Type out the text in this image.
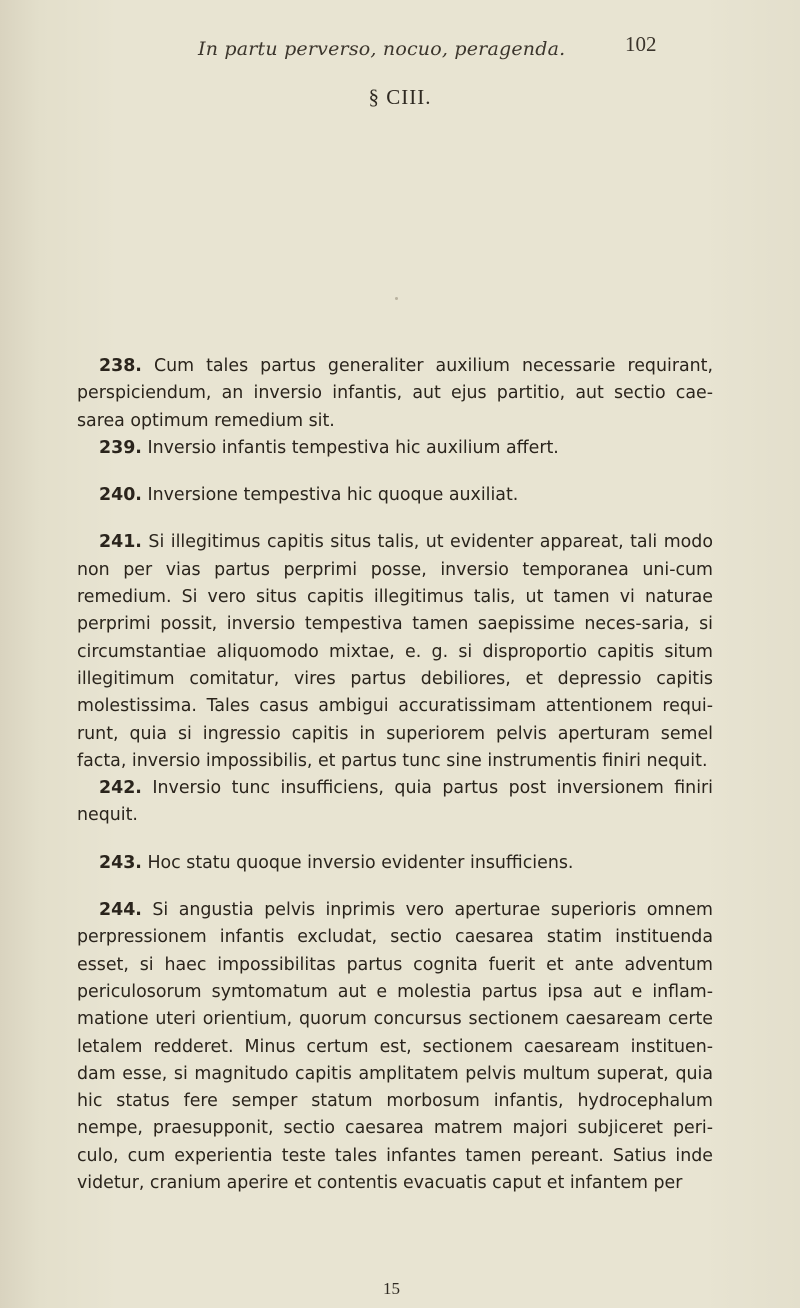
In partu perverso, nocuo, peragenda.	102
§ CIII.

238. Cum tales partus generaliter auxilium necessarie requirant, perspiciendum, an inversio infantis, aut ejus partitio, aut sectio cae-sarea optimum remedium sit.

239. Inversio infantis tempestiva hic auxilium affert.

240. Inversione tempestiva hic quoque auxiliat.

241. Si illegitimus capitis situs talis, ut evidenter appareat, tali modo non per vias partus perprimi posse, inversio temporanea uni-cum remedium. Si vero situs capitis illegitimus talis, ut tamen vi naturae perprimi possit, inversio tempestiva tamen saepissime neces-saria, si circumstantiae aliquomodo mixtae, e. g. si disproportio capitis situm illegitimum comitatur, vires partus debiliores, et depressio capitis molestissima. Tales casus ambigui accuratissimam attentionem requi-runt, quia si ingressio capitis in superiorem pelvis aperturam semel facta, inversio impossibilis, et partus tunc sine instrumentis finiri nequit.

242. Inversio tunc insufficiens, quia partus post inversionem finiri nequit.

243. Hoc statu quoque inversio evidenter insufficiens.

244. Si angustia pelvis inprimis vero aperturae superioris omnem perpressionem infantis excludat, sectio caesarea statim instituenda esset, si haec impossibilitas partus cognita fuerit et ante adventum periculosorum symtomatum aut e molestia partus ipsa aut e inflam-matione uteri orientium, quorum concursus sectionem caesaream certe letalem redderet. Minus certum est, sectionem caesaream instituen-dam esse, si magnitudo capitis amplitatem pelvis multum superat, quia hic status fere semper statum morbosum infantis, hydrocephalum nempe, praesupponit, sectio caesarea matrem majori subjiceret peri-culo, cum experientia teste tales infantes tamen pereant. Satius inde videtur, cranium aperire et contentis evacuatis caput et infantem per

15
